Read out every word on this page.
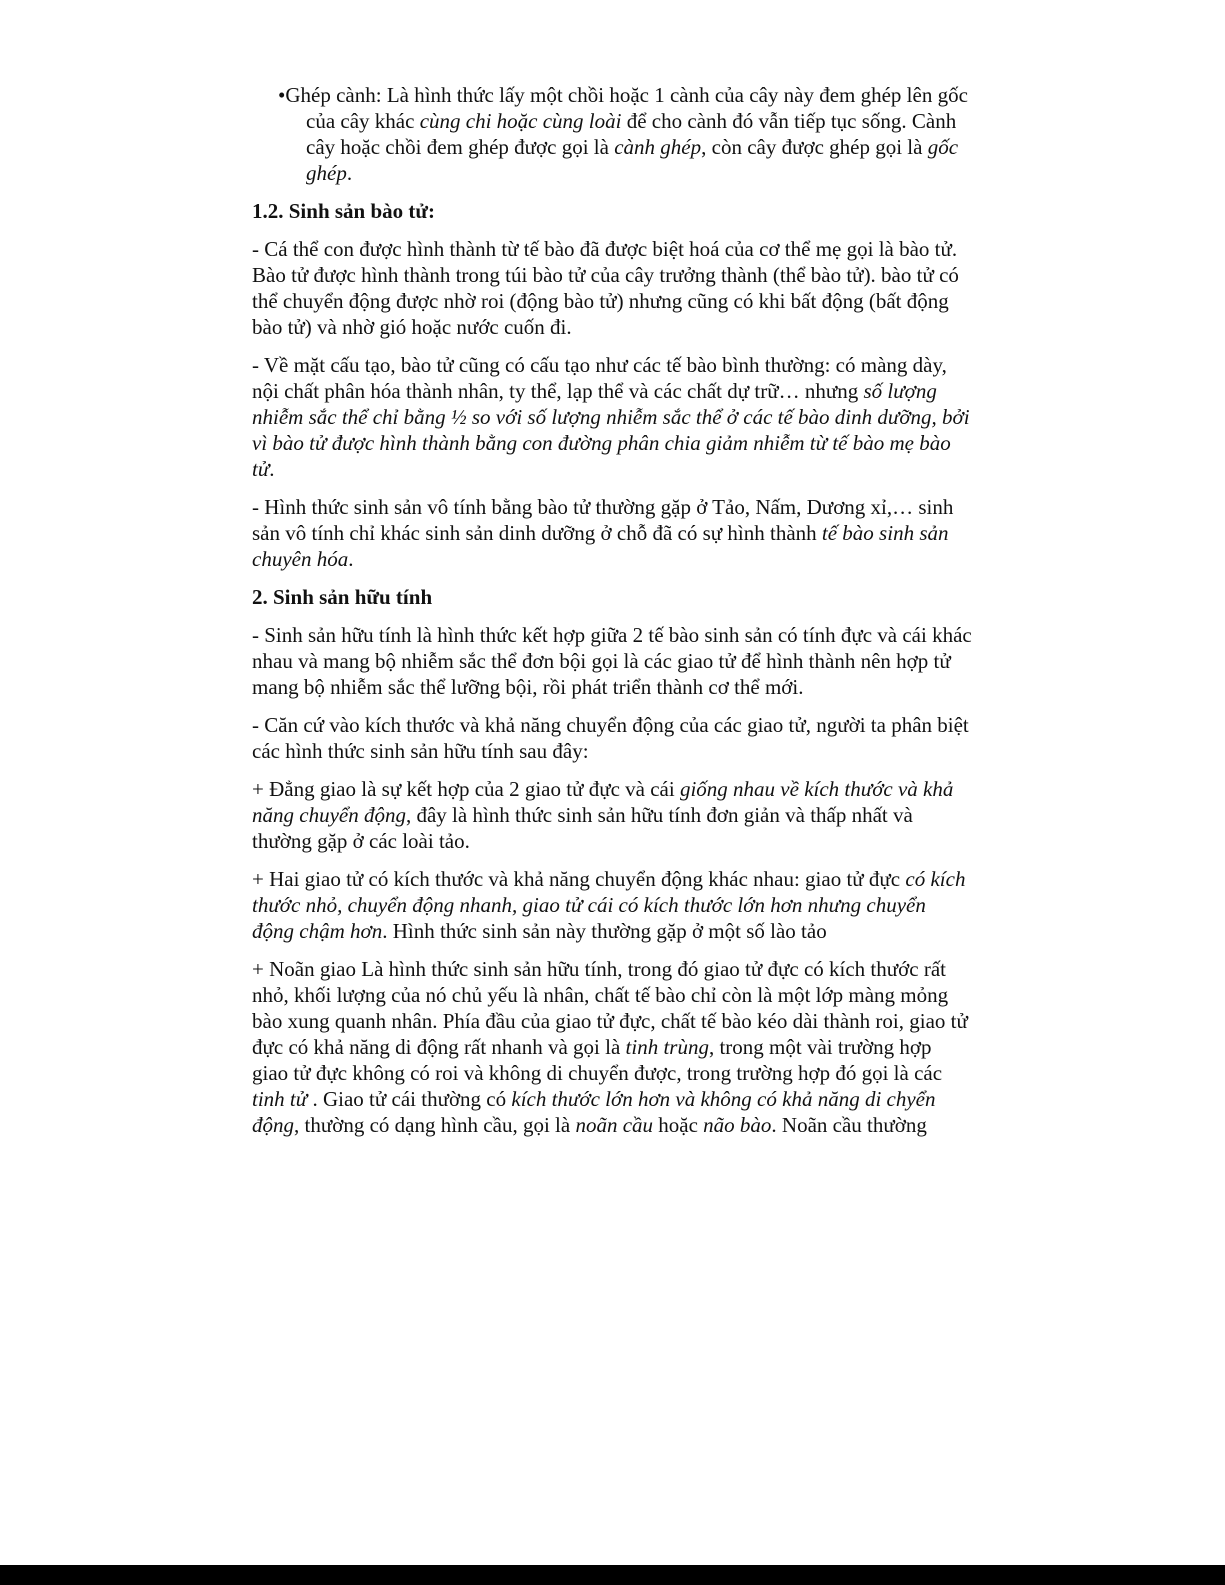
•Ghép cành: Là hình thức lấy một chồi hoặc 1 cành của cây này đem ghép lên gốc của cây khác cùng chi hoặc cùng loài để cho cành đó vẫn tiếp tục sống. Cành cây hoặc chồi đem ghép được gọi là cành ghép, còn cây được ghép gọi là gốc ghép.

1.2. Sinh sản bào tử:

- Cá thể con được hình thành từ tế bào đã được biệt hoá của cơ thể mẹ gọi là bào tử. Bào tử được hình thành trong túi bào tử của cây trưởng thành (thể bào tử). bào tử có thể chuyển động được nhờ roi (động bào tử) nhưng cũng có khi bất động (bất động bào tử) và nhờ gió hoặc nước cuốn đi.

- Về mặt cấu tạo, bào tử cũng có cấu tạo như các tế bào bình thường: có màng dày, nội chất phân hóa thành nhân, ty thể, lạp thể và các chất dự trữ… nhưng số lượng nhiễm sắc thể chỉ bằng ½ so với số lượng nhiễm sắc thể ở các tế bào dinh dưỡng, bởi vì bào tử được hình thành bằng con đường phân chia giảm nhiễm từ tế bào mẹ bào tử.

- Hình thức sinh sản vô tính bằng bào tử thường gặp ở Tảo, Nấm, Dương xỉ,… sinh sản vô tính chỉ khác sinh sản dinh dưỡng ở chỗ đã có sự hình thành tế bào sinh sản chuyên hóa.

2. Sinh sản hữu tính

- Sinh sản hữu tính là hình thức kết hợp giữa 2 tế bào sinh sản có tính đực và cái khác nhau và mang bộ nhiễm sắc thể đơn bội gọi là các giao tử để hình thành nên hợp tử mang bộ nhiễm sắc thể lưỡng bội, rồi phát triển thành cơ thể mới.

- Căn cứ vào kích thước và khả năng chuyển động của các giao tử, người ta phân biệt các hình thức sinh sản hữu tính sau đây:

+ Đẳng giao là sự kết hợp của 2 giao tử đực và cái giống nhau về kích thước và khả năng chuyển động, đây là hình thức sinh sản hữu tính đơn giản và thấp nhất và thường gặp ở các loài tảo.

+ Hai giao tử có kích thước và khả năng chuyển động khác nhau: giao tử đực có kích thước nhỏ, chuyển động nhanh, giao tử cái có kích thước lớn hơn nhưng chuyển động chậm hơn. Hình thức sinh sản này thường gặp ở một số lào tảo

+ Noãn giao Là hình thức sinh sản hữu tính, trong đó giao tử đực có kích thước rất nhỏ, khối lượng của nó chủ yếu là nhân, chất tế bào chỉ còn là một lớp màng mỏng bào xung quanh nhân. Phía đầu của giao tử đực, chất tế bào kéo dài thành roi, giao tử đực có khả năng di động rất nhanh và gọi là tinh trùng, trong một vài trường hợp giao tử đực không có roi và không di chuyển được, trong trường hợp đó gọi là các tinh tử . Giao tử cái thường có kích thước lớn hơn và không có khả năng di chyển động, thường có dạng hình cầu, gọi là noãn cầu hoặc não bào. Noãn cầu thường
